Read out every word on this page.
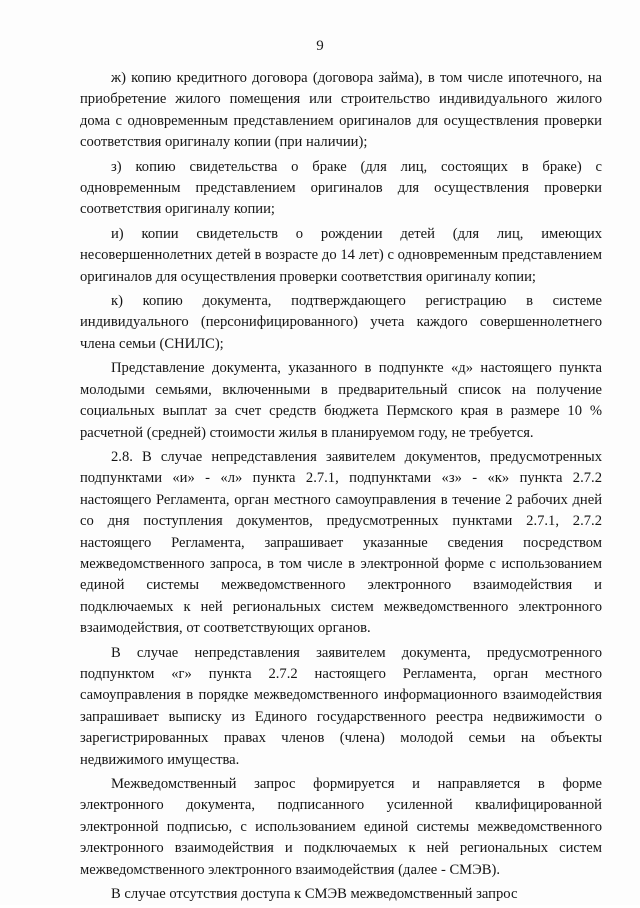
9

ж) копию кредитного договора (договора займа), в том числе ипотечного, на приобретение жилого помещения или строительство индивидуального жилого дома с одновременным представлением оригиналов для осуществления проверки соответствия оригиналу копии (при наличии);

з) копию свидетельства о браке (для лиц, состоящих в браке) с одновременным представлением оригиналов для осуществления проверки соответствия оригиналу копии;

и) копии свидетельств о рождении детей (для лиц, имеющих несовершеннолетних детей в возрасте до 14 лет) с одновременным представлением оригиналов для осуществления проверки соответствия оригиналу копии;

к) копию документа, подтверждающего регистрацию в системе индивидуального (персонифицированного) учета каждого совершеннолетнего члена семьи (СНИЛС);

Представление документа, указанного в подпункте «д» настоящего пункта молодыми семьями, включенными в предварительный список на получение социальных выплат за счет средств бюджета Пермского края в размере 10 % расчетной (средней) стоимости жилья в планируемом году, не требуется.

2.8. В случае непредставления заявителем документов, предусмотренных подпунктами «и» - «л» пункта 2.7.1, подпунктами «з» - «к» пункта 2.7.2 настоящего Регламента, орган местного самоуправления в течение 2 рабочих дней со дня поступления документов, предусмотренных пунктами 2.7.1, 2.7.2 настоящего Регламента, запрашивает указанные сведения посредством межведомственного запроса, в том числе в электронной форме с использованием единой системы межведомственного электронного взаимодействия и подключаемых к ней региональных систем межведомственного электронного взаимодействия, от соответствующих органов.

В случае непредставления заявителем документа, предусмотренного подпунктом «г» пункта 2.7.2 настоящего Регламента, орган местного самоуправления в порядке межведомственного информационного взаимодействия запрашивает выписку из Единого государственного реестра недвижимости о зарегистрированных правах членов (члена) молодой семьи на объекты недвижимого имущества.

Межведомственный запрос формируется и направляется в форме электронного документа, подписанного усиленной квалифицированной электронной подписью, с использованием единой системы межведомственного электронного взаимодействия и подключаемых к ней региональных систем межведомственного электронного взаимодействия (далее - СМЭВ).

В случае отсутствия доступа к СМЭВ межведомственный запрос
